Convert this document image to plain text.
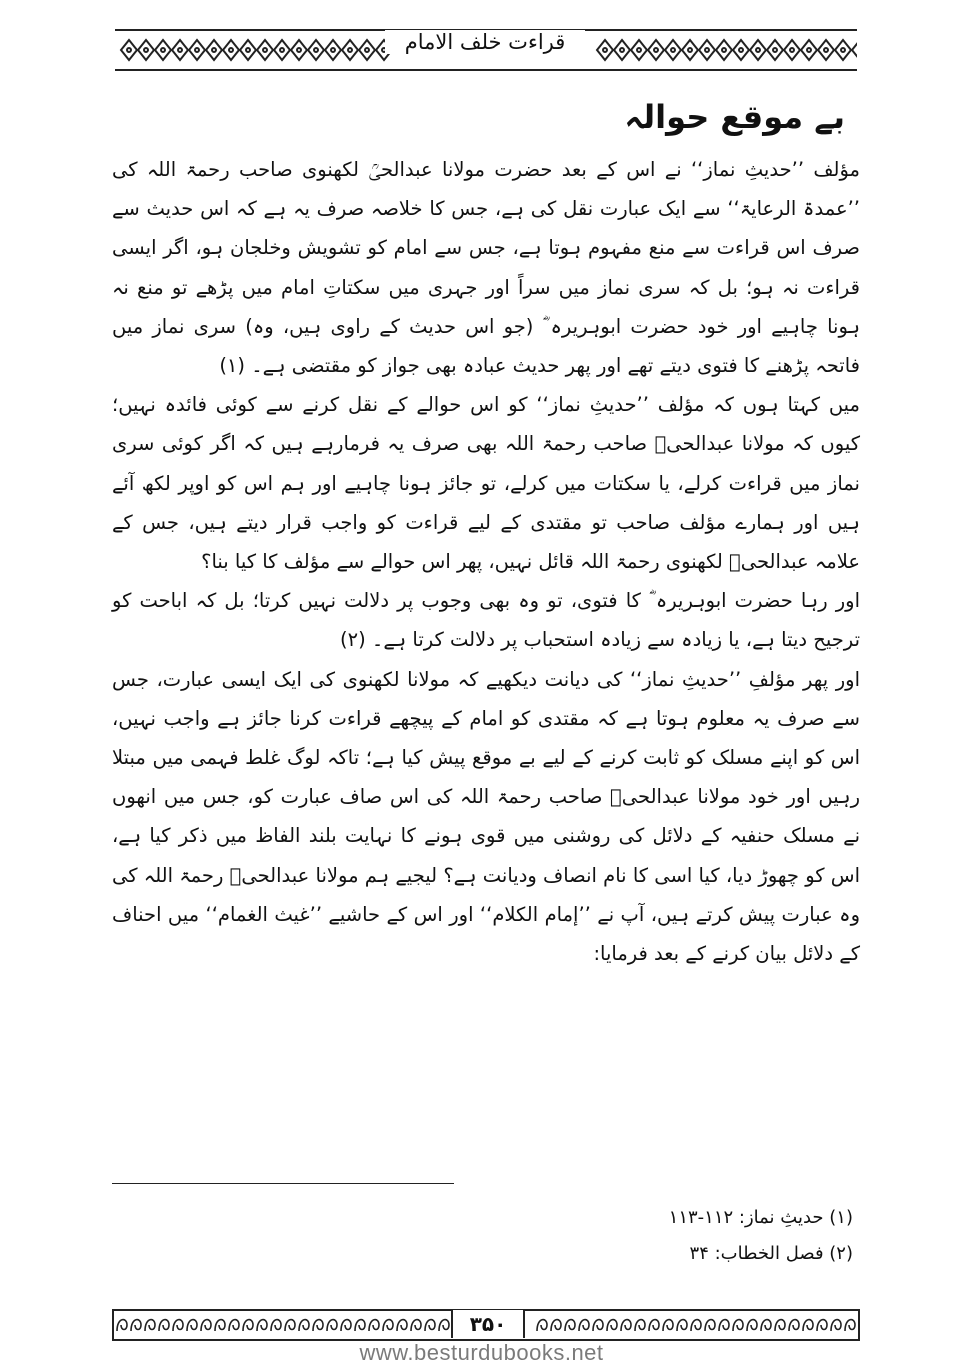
قراءت خلف الامام
بے موقع حوالہ

مؤلف ’’حدیثِ نماز‘‘ نے اس کے بعد حضرت مولانا عبدالحیؒ لکھنوی صاحب رحمۃ اللہ کی ’’عمدۃ الرعایۃ‘‘ سے ایک عبارت نقل کی ہے، جس کا خلاصہ صرف یہ ہے کہ اس حدیث سے صرف اس قراءت سے منع مفہوم ہوتا ہے، جس سے امام کو تشویش وخلجان ہو، اگر ایسی قراءت نہ ہو؛ بل کہ سری نماز میں سراً اور جہری میں سکتاتِ امام میں پڑھے تو منع نہ ہونا چاہیے اور خود حضرت ابوہریرہ ؓ (جو اس حدیث کے راوی ہیں، وہ) سری نماز میں فاتحہ پڑھنے کا فتوی دیتے تھے اور پھر حدیث عبادہ بھی جواز کو مقتضی ہے۔ (۱)

میں کہتا ہوں کہ مؤلف ’’حدیثِ نماز‘‘ کو اس حوالے کے نقل کرنے سے کوئی فائدہ نہیں؛ کیوں کہ مولانا عبدالحیؒ صاحب رحمۃ اللہ بھی صرف یہ فرمارہے ہیں کہ اگر کوئی سری نماز میں قراءت کرلے، یا سکتات میں کرلے، تو جائز ہونا چاہیے اور ہم اس کو اوپر لکھ آئے ہیں اور ہمارے مؤلف صاحب تو مقتدی کے لیے قراءت کو واجب قرار دیتے ہیں، جس کے علامہ عبدالحیؒ لکھنوی رحمۃ اللہ قائل نہیں، پھر اس حوالے سے مؤلف کا کیا بنا؟

اور رہا حضرت ابوہریرہ ؓ کا فتوی، تو وہ بھی وجوب پر دلالت نہیں کرتا؛ بل کہ اباحت کو ترجیح دیتا ہے، یا زیادہ سے زیادہ استحباب پر دلالت کرتا ہے۔ (۲)

اور پھر مؤلفِ ’’حدیثِ نماز‘‘ کی دیانت دیکھیے کہ مولانا لکھنوی کی ایک ایسی عبارت، جس سے صرف یہ معلوم ہوتا ہے کہ مقتدی کو امام کے پیچھے قراءت کرنا جائز ہے واجب نہیں، اس کو اپنے مسلک کو ثابت کرنے کے لیے بے موقع پیش کیا ہے؛ تاکہ لوگ غلط فہمی میں مبتلا رہیں اور خود مولانا عبدالحیؒ صاحب رحمۃ اللہ کی اس صاف عبارت کو، جس میں انھوں نے مسلک حنفیہ کے دلائل کی روشنی میں قوی ہونے کا نہایت بلند الفاظ میں ذکر کیا ہے، اس کو چھوڑ دیا، کیا اسی کا نام انصاف ودیانت ہے؟ لیجیے ہم مولانا عبدالحیؒ رحمۃ اللہ کی وہ عبارت پیش کرتے ہیں، آپ نے ’’إمام الکلام‘‘ اور اس کے حاشیے ’’غیث الغمام‘‘ میں احناف کے دلائل بیان کرنے کے بعد فرمایا:

(۱) حدیثِ نماز: ۱۱۲-۱۱۳
(۲) فصل الخطاب: ۳۴
۳۵۰
www.besturdubooks.net
